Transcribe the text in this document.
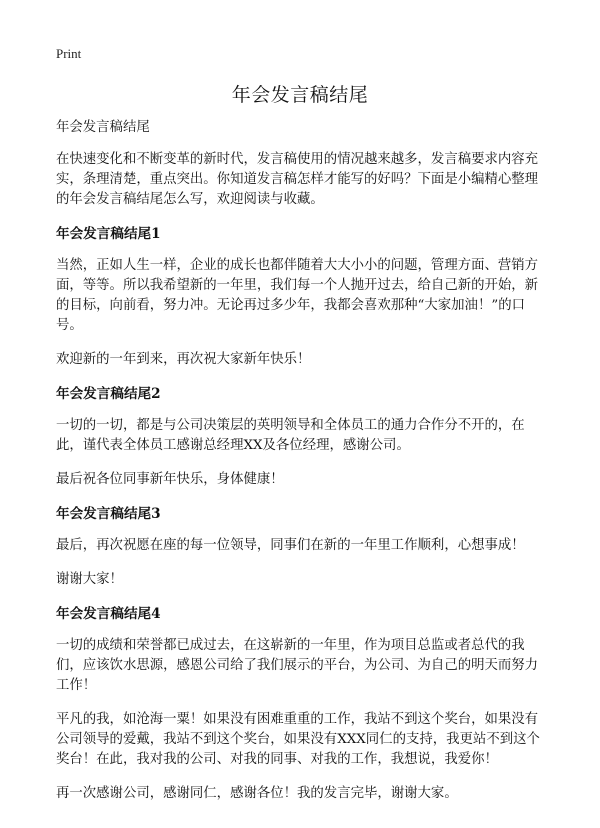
Print
年会发言稿结尾

年会发言稿结尾

在快速变化和不断变革的新时代，发言稿使用的情况越来越多，发言稿要求内容充实，条理清楚，重点突出。你知道发言稿怎样才能写的好吗？下面是小编精心整理的年会发言稿结尾怎么写，欢迎阅读与收藏。

年会发言稿结尾1

当然，正如人生一样，企业的成长也都伴随着大大小小的问题，管理方面、营销方面，等等。所以我希望新的一年里，我们每一个人抛开过去，给自己新的开始，新的目标，向前看，努力冲。无论再过多少年，我都会喜欢那种“大家加油！”的口号。

欢迎新的一年到来，再次祝大家新年快乐！

年会发言稿结尾2

一切的一切，都是与公司决策层的英明领导和全体员工的通力合作分不开的，在此，谨代表全体员工感谢总经理XX及各位经理，感谢公司。

最后祝各位同事新年快乐，身体健康！

年会发言稿结尾3

最后，再次祝愿在座的每一位领导，同事们在新的一年里工作顺利，心想事成！

谢谢大家！

年会发言稿结尾4

一切的成绩和荣誉都已成过去，在这崭新的一年里，作为项目总监或者总代的我们，应该饮水思源，感恩公司给了我们展示的平台，为公司、为自己的明天而努力工作！

平凡的我，如沧海一粟！如果没有困难重重的工作，我站不到这个奖台，如果没有公司领导的爱戴，我站不到这个奖台，如果没有XXX同仁的支持，我更站不到这个奖台！在此，我对我的公司、对我的同事、对我的工作，我想说，我爱你！

再一次感谢公司，感谢同仁，感谢各位！我的发言完毕，谢谢大家。
